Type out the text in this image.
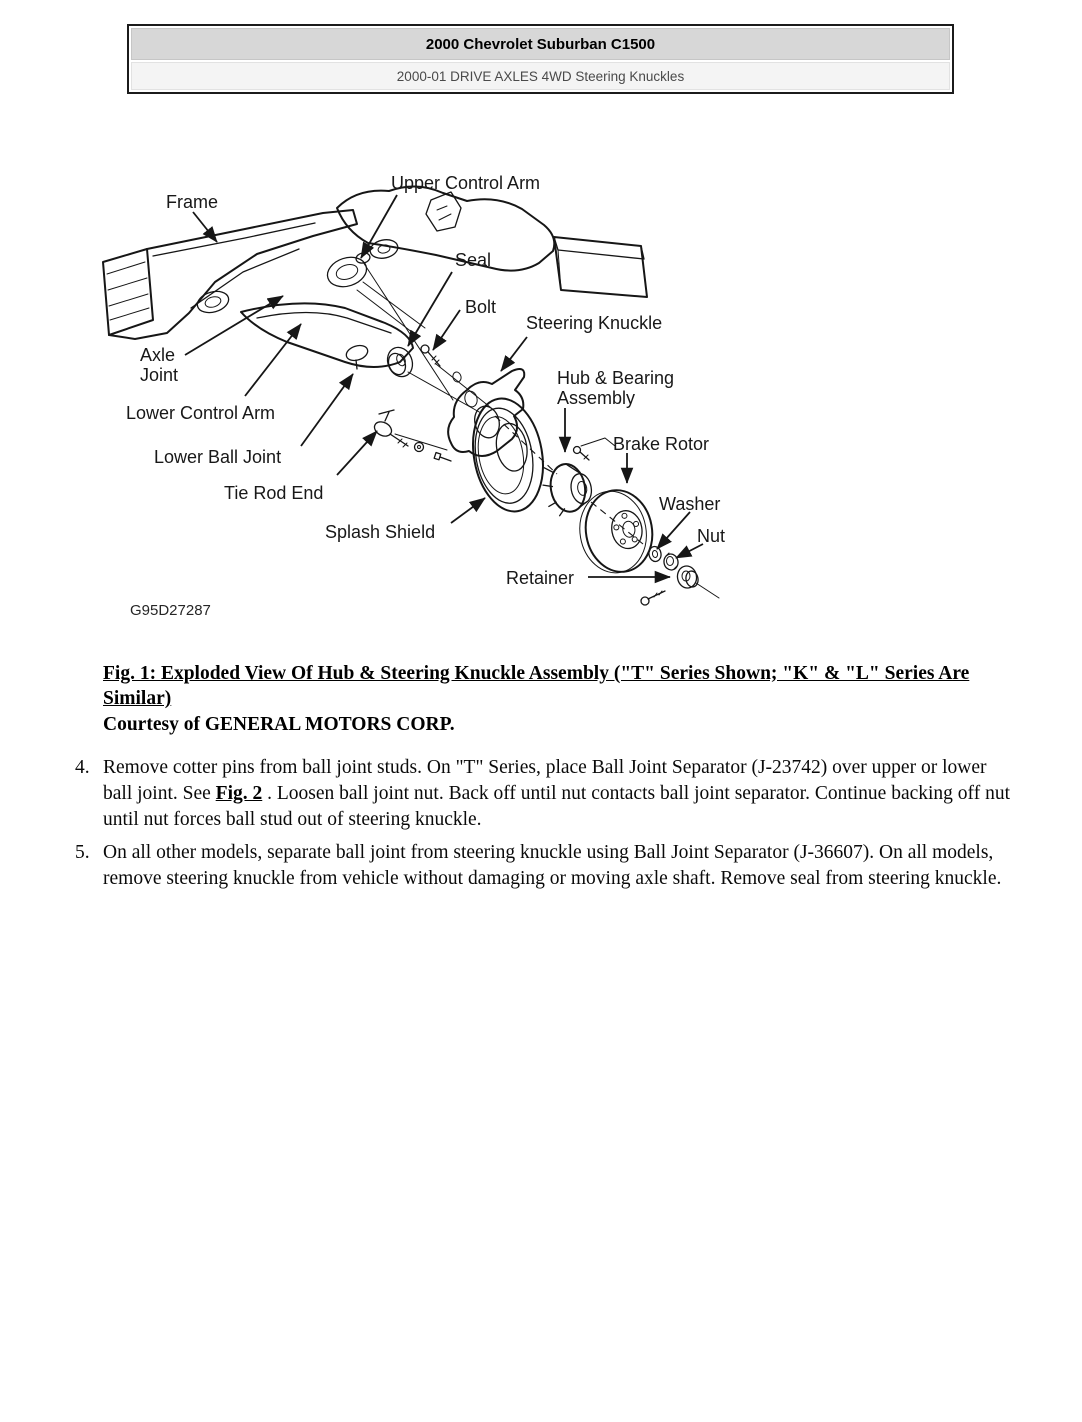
2000 Chevrolet Suburban C1500
2000-01 DRIVE AXLES 4WD Steering Knuckles
Frame
Upper Control Arm
Seal
Bolt
Steering Knuckle
Hub & Bearing
Assembly
Brake Rotor
Axle
Joint
Lower Control Arm
Lower Ball Joint
Tie Rod End
Splash Shield
Washer
Nut
Retainer
G95D27287
Fig. 1: Exploded View Of Hub & Steering Knuckle Assembly ("T" Series Shown; "K" & "L" Series Are Similar)
Courtesy of GENERAL MOTORS CORP.
4. Remove cotter pins from ball joint studs. On "T" Series, place Ball Joint Separator (J-23742) over upper or lower ball joint. See Fig. 2 . Loosen ball joint nut. Back off until nut contacts ball joint separator. Continue backing off nut until nut forces ball stud out of steering knuckle.
5. On all other models, separate ball joint from steering knuckle using Ball Joint Separator (J-36607). On all models, remove steering knuckle from vehicle without damaging or moving axle shaft. Remove seal from steering knuckle.
